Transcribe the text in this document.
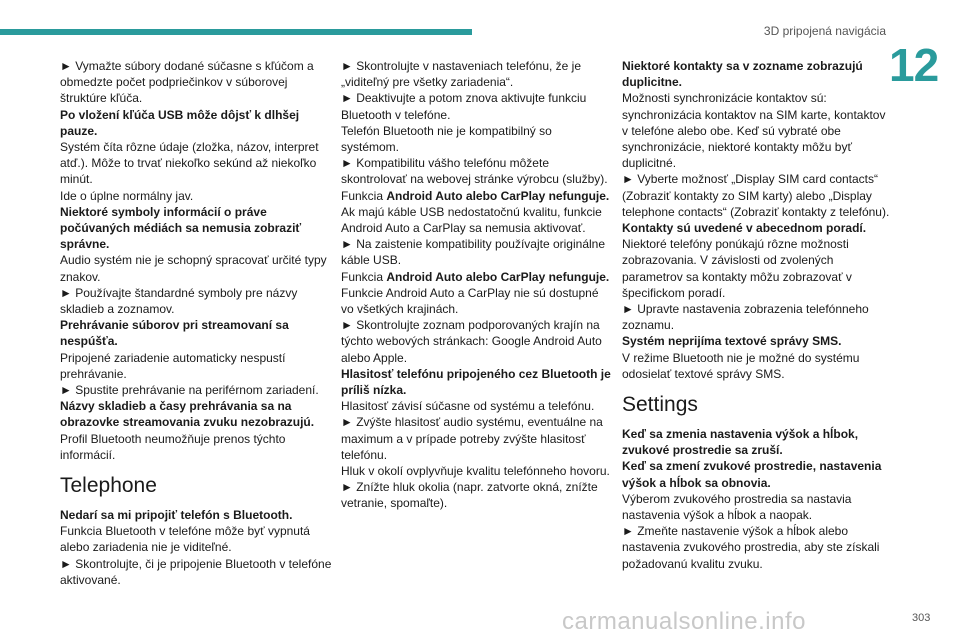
3D pripojená navigácia
12

► Vymažte súbory dodané súčasne s kľúčom a obmedzte počet podpriečinkov v súborovej štruktúre kľúča.

Po vložení kľúča USB môže dôjsť k dlhšej pauze.

Systém číta rôzne údaje (zložka, názov, interpret atď.). Môže to trvať niekoľko sekúnd až niekoľko minút.

Ide o úplne normálny jav.

Niektoré symboly informácií o práve počúvaných médiách sa nemusia zobraziť správne.

Audio systém nie je schopný spracovať určité typy znakov.

► Používajte štandardné symboly pre názvy skladieb a zoznamov.

Prehrávanie súborov pri streamovaní sa nespúšťa.

Pripojené zariadenie automaticky nespustí prehrávanie.

► Spustite prehrávanie na periférnom zariadení.

Názvy skladieb a časy prehrávania sa na obrazovke streamovania zvuku nezobrazujú.

Profil Bluetooth neumožňuje prenos týchto informácií.

Telephone

Nedarí sa mi pripojiť telefón s Bluetooth.

Funkcia Bluetooth v telefóne môže byť vypnutá alebo zariadenia nie je viditeľné.

► Skontrolujte, či je pripojenie Bluetooth v telefóne aktivované.

► Skontrolujte v nastaveniach telefónu, že je „viditeľný pre všetky zariadenia“.

► Deaktivujte a potom znova aktivujte funkciu Bluetooth v telefóne.

Telefón Bluetooth nie je kompatibilný so systémom.

► Kompatibilitu vášho telefónu môžete skontrolovať na webovej stránke výrobcu (služby).

Funkcia Android Auto alebo CarPlay nefunguje.

Ak majú káble USB nedostatočnú kvalitu, funkcie Android Auto a CarPlay sa nemusia aktivovať.

► Na zaistenie kompatibility používajte originálne káble USB.

Funkcia Android Auto alebo CarPlay nefunguje.

Funkcie Android Auto a CarPlay nie sú dostupné vo všetkých krajinách.

► Skontrolujte zoznam podporovaných krajín na týchto webových stránkach: Google Android Auto alebo Apple.

Hlasitosť telefónu pripojeného cez Bluetooth je príliš nízka.

Hlasitosť závisí súčasne od systému a telefónu.

► Zvýšte hlasitosť audio systému, eventuálne na maximum a v prípade potreby zvýšte hlasitosť telefónu.

Hluk v okolí ovplyvňuje kvalitu telefónneho hovoru.

► Znížte hluk okolia (napr. zatvorte okná, znížte vetranie, spomaľte).

Niektoré kontakty sa v zozname zobrazujú duplicitne.

Možnosti synchronizácie kontaktov sú: synchronizácia kontaktov na SIM karte, kontaktov v telefóne alebo obe. Keď sú vybraté obe synchronizácie, niektoré kontakty môžu byť duplicitné.

► Vyberte možnosť „Display SIM card contacts“ (Zobraziť kontakty zo SIM karty) alebo „Display telephone contacts“ (Zobraziť kontakty z telefónu).

Kontakty sú uvedené v abecednom poradí.

Niektoré telefóny ponúkajú rôzne možnosti zobrazovania. V závislosti od zvolených parametrov sa kontakty môžu zobrazovať v špecifickom poradí.

► Upravte nastavenia zobrazenia telefónneho zoznamu.

Systém neprijíma textové správy SMS.

V režime Bluetooth nie je možné do systému odosielať textové správy SMS.

Settings

Keď sa zmenia nastavenia výšok a hĺbok, zvukové prostredie sa zruší.

Keď sa zmení zvukové prostredie, nastavenia výšok a hĺbok sa obnovia.

Výberom zvukového prostredia sa nastavia nastavenia výšok a hĺbok a naopak.

► Zmeňte nastavenie výšok a hĺbok alebo nastavenia zvukového prostredia, aby ste získali požadovanú kvalitu zvuku.

carmanualsonline.info	303
